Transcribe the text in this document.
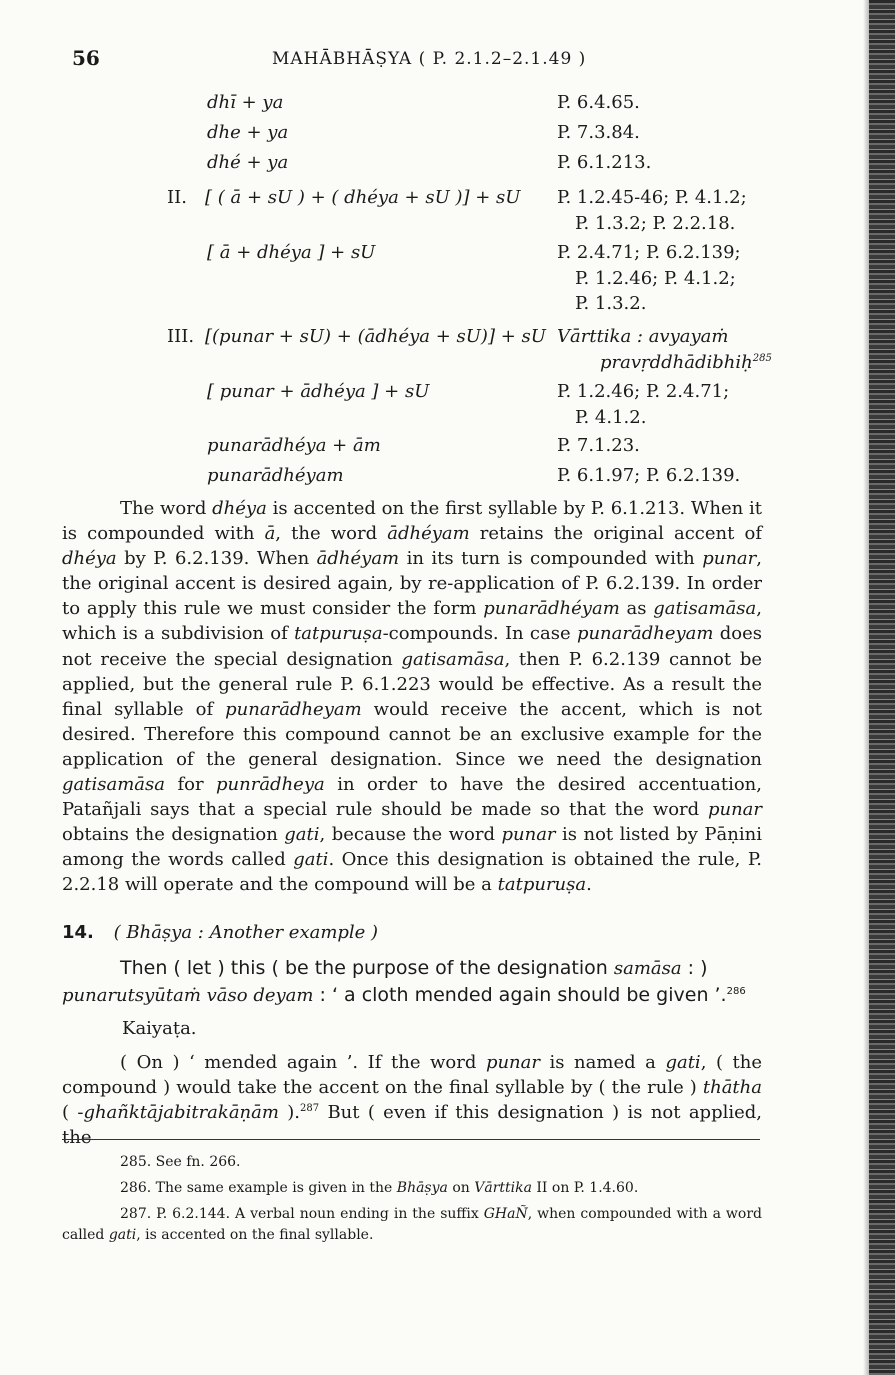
56	MAHĀBHĀṢYA ( P. 2.1.2–2.1.49 )
dhī + ya	P. 6.4.65.
dhe + ya	P. 7.3.84.
dhé + ya	P. 6.1.213.
II. [ ( ā + sU ) + ( dhéya + sU )] + sU P. 1.2.45-46; P. 4.1.2;
P. 1.3.2; P. 2.2.18.
[ ā + dhéya ] + sU	P. 2.4.71; P. 6.2.139;
P. 1.2.46; P. 4.1.2;
P. 1.3.2.
III. [(punar + sU) + (ādhéya + sU)] + sU Vārttika : avyayaṁ
pravṛddhādibhiḥ$^{285}$
[ punar + ādhéya ] + sU	P. 1.2.46; P. 2.4.71;
P. 4.1.2.
punarādhéya + ām	P. 7.1.23.
punarādhéyam	P. 6.1.97; P. 6.2.139.

The word dhéya is accented on the first syllable by P. 6.1.213. When it is compounded with ā, the word ādhéyam retains the original accent of dhéya by P. 6.2.139. When ādhéyam in its turn is compounded with punar, the original accent is desired again, by re-application of P. 6.2.139. In order to apply this rule we must consider the form punarādhéyam as gatisamāsa, which is a subdivision of tatpuruṣa-compounds. In case punarādheyam does not receive the special designation gatisamāsa, then P. 6.2.139 cannot be applied, but the general rule P. 6.1.223 would be effective. As a result the final syllable of punarādheyam would receive the accent, which is not desired. Therefore this compound cannot be an exclusive example for the application of the general designation. Since we need the designation gatisamāsa for punrādheya in order to have the desired accentuation, Patañjali says that a special rule should be made so that the word punar obtains the designation gati, because the word punar is not listed by Pāṇini among the words called gati. Once this designation is obtained the rule, P. 2.2.18 will operate and the compound will be a tatpuruṣa.

14. ( Bhāṣya : Another example )

Then ( let ) this ( be the purpose of the designation samāsa : ) punarutsyūtaṁ vāso deyam : ‘ a cloth mended again should be given ’.$^{286}$

Kaiyaṭa.

( On ) ‘ mended again ’. If the word punar is named a gati, ( the compound ) would take the accent on the final syllable by ( the rule ) thātha ( -ghañktājabitrakāṇām ).$^{287}$ But ( even if this designation ) is not applied, the

285. See fn. 266.

286. The same example is given in the Bhāṣya on Vārttika II on P. 1.4.60.

287. P. 6.2.144. A verbal noun ending in the suffix GHaÑ, when compounded with a word called gati, is accented on the final syllable.
